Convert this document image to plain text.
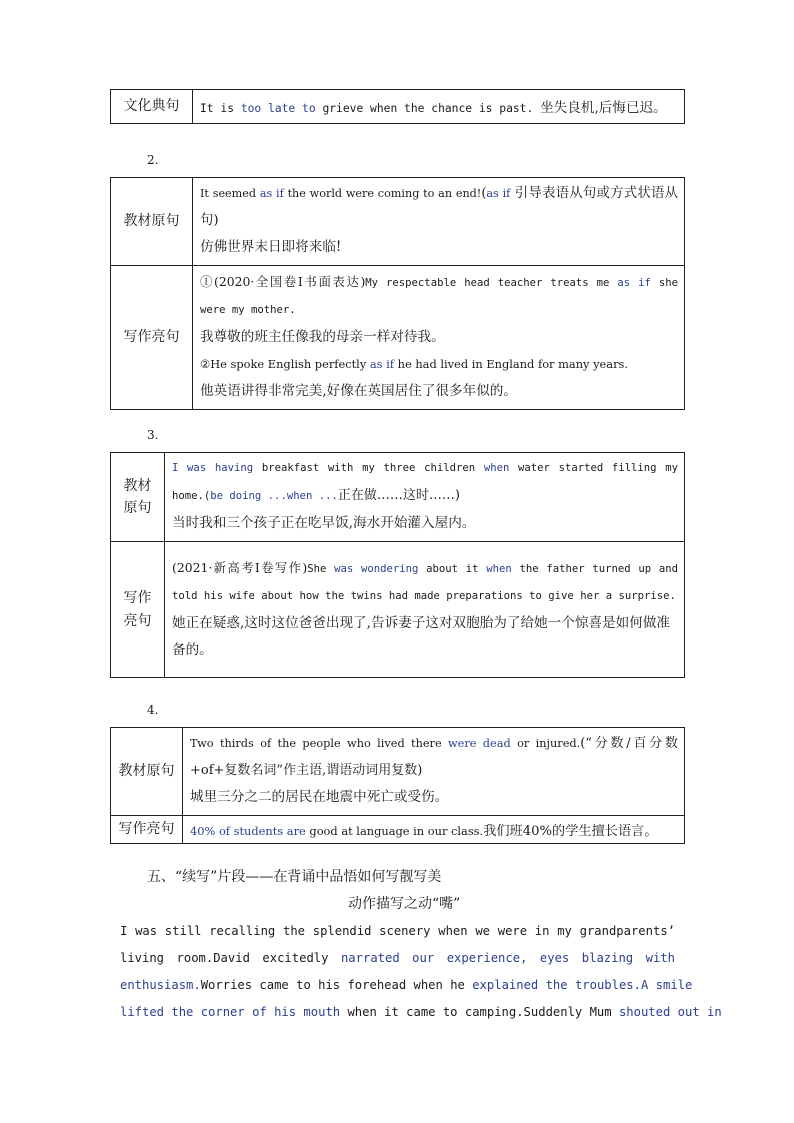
文化典句	It is too late to grieve when the chance is past. 坐失良机,后悔已迟。
2.
教材原句	It seemed as if the world were coming to an end!(as if 引导表语从句或方式状语从句)
仿佛世界末日即将来临!

写作亮句	①(2020·全国卷Ⅰ书面表达)My respectable head teacher treats me as if she were my mother.
我尊敬的班主任像我的母亲一样对待我。
②He spoke English perfectly as if he had lived in England for many years.
他英语讲得非常完美,好像在英国居住了很多年似的。
3.
教材
原句	I was having breakfast with my three children when water started filling my home.(be doing ...when ...正在做……这时……)
当时我和三个孩子正在吃早饭,海水开始灌入屋内。

写作
亮句	(2021·新高考Ⅰ卷写作)She was wondering about it when the father turned up and told his wife about how the twins had made preparations to give her a surprise.
她正在疑惑,这时这位爸爸出现了,告诉妻子这对双胞胎为了给她一个惊喜是如何做准备的。
4.
教材原句	Two thirds of the people who lived there were dead or injured.(“分数/百分数+of+复数名词”作主语,谓语动词用复数)
城里三分之二的居民在地震中死亡或受伤。

写作亮句	40% of students are good at language in our class.我们班40%的学生擅长语言。
五、“续写”片段——在背诵中品悟如何写靓写美
动作描写之动“嘴”
I was still recalling the splendid scenery when we were in my grandparents’
living room.David excitedly narrated our experience, eyes blazing with
enthusiasm.Worries came to his forehead when he explained the troubles.A smile
lifted the corner of his mouth when it came to camping.Suddenly Mum shouted out in
